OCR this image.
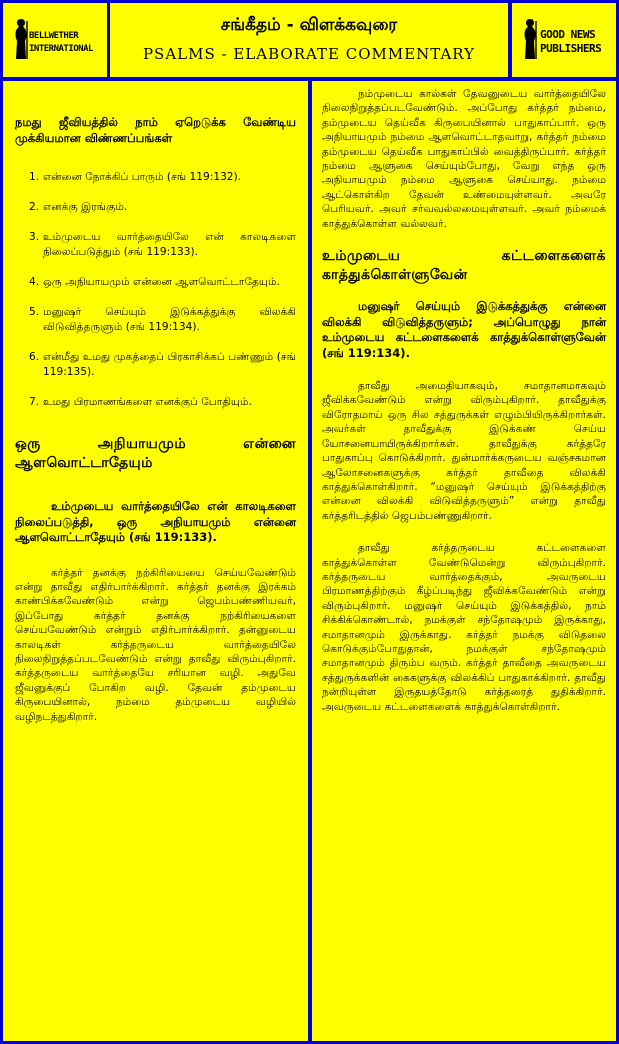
BELLWETHER
INTERNATIONAL
சங்கீதம் - விளக்கவுரை
PSALMS - ELABORATE COMMENTARY
GOOD NEWS
PUBLISHERS

நமது ஜீவியத்தில் நாம் ஏறெடுக்க வேண்டிய முக்கியமான விண்ணப்பங்கள்

1. என்னை நோக்கிப் பாரும் (சங் 119:132).
2. எனக்கு இரங்கும்.
3. உம்முடைய வார்த்தையிலே என் காலடிகளை நிலைப்படுத்தும் (சங் 119:133).
4. ஒரு அநியாயமும் என்னை ஆளவொட்டாதேயும்.
5. மனுஷர் செய்யும் இடுக்கத்துக்கு விலக்கி விடுவித்தருளும் (சங் 119:134).
6. என்மீது உமது முகத்தைப் பிரகாசிக்கப் பண்ணும் (சங் 119:135).
7. உமது பிரமாணங்களை எனக்குப் போதியும்.

ஒரு அநியாயமும் என்னை ஆளவொட்டாதேயும்

உம்முடைய வார்த்தையிலே என் காலடிகளை நிலைப்படுத்தி, ஒரு அநியாயமும் என்னை ஆளவொட்டாதேயும் (சங் 119:133).

கர்த்தர் தனக்கு நற்கிரியையை செய்யவேண்டும் என்று தாவீது எதிர்பார்க்கிறார். கர்த்தர் தனக்கு இரக்கம் காண்பிக்கவேண்டும் என்று ஜெபம்பண்ணியவர், இப்போது கர்த்தர் தனக்கு நற்கிரியைகளை செய்யவேண்டும் என்றும் எதிர்பார்க்கிறார். தன்னுடைய காலடிகள் கர்த்தருடைய வார்த்தையிலே நிலைநிறுத்தப்படவேண்டும் என்று தாவீது விரும்புகிறார். கர்த்தருடைய வார்த்தையே சரியான வழி. அதுவே ஜீவனுக்குப் போகிற வழி. தேவன் தம்முடைய கிருபையினால், நம்மை தம்முடைய வழியில் வழிநடத்துகிறார்.

நம்முடைய கால்கள் தேவனுடைய வார்த்தையிலே நிலைநிறுத்தப்படவேண்டும். அப்போது கர்த்தர் நம்மை, தம்முடைய தெய்வீக கிருபையினால் பாதுகாப்பார். ஒரு அநியாயமும் நம்மை ஆளவொட்டாதவாறு, கர்த்தர் நம்மை தம்முடைய தெய்வீக பாதுகாப்பில் வைத்திருப்பார். கர்த்தர் நம்மை ஆளுகை செய்யும்போது, வேறு எந்த ஒரு அநியாயமும் நம்மை ஆளுகை செய்யாது. நம்மை ஆட்கொள்கிற தேவன் உண்மையுள்ளவர். அவரே பெரியவர். அவர் சர்வவல்லமையுள்ளவர். அவர் நம்மைக் காத்துக்கொள்ள வல்லவர்.

உம்முடைய கட்டளைகளைக் காத்துக்கொள்ளுவேன்

மனுஷர் செய்யும் இடுக்கத்துக்கு என்னை விலக்கி விடுவித்தருளும்; அப்பொழுது நான் உம்முடைய கட்டளைகளைக் காத்துக்கொள்ளுவேன் (சங் 119:134).

தாவீது அமைதியாகவும், சமாதானமாகவும் ஜீவிக்கவேண்டும் என்று விரும்புகிறார். தாவீதுக்கு விரோதமாய் ஒரு சில சத்துருக்கள் எழும்பியிருக்கிறார்கள். அவர்கள் தாவீதுக்கு இடுக்கண் செய்ய யோசனையாயிருக்கிறார்கள். தாவீதுக்கு கர்த்தரே பாதுகாப்பு கொடுக்கிறார். துன்மார்க்கருடைய வஞ்சகமான ஆலோசனைகளுக்கு கர்த்தர் தாவீதை விலக்கி காத்துக்கொள்கிறார். “மனுஷர் செய்யும் இடுக்கத்திற்கு என்னை விலக்கி விடுவித்தருளும்” என்று தாவீது கர்த்தரிடத்தில் ஜெபம்பண்ணுகிறார்.

தாவீது கர்த்தருடைய கட்டளைகளை காத்துக்கொள்ள வேண்டுமென்று விரும்புகிறார். கர்த்தருடைய வார்த்தைக்கும், அவருடைய பிரமாணத்திற்கும் கீழ்ப்படிந்து ஜீவிக்கவேண்டும் என்று விரும்புகிறார். மனுஷர் செய்யும் இடுக்கத்தில், நாம் சிக்கிக்கொண்டால், நமக்குள் சந்தோஷமும் இருக்காது, சமாதானமும் இருக்காது. கர்த்தர் நமக்கு விடுதலை கொடுக்கும்போதுதான், நமக்குள் சந்தோஷமும் சமாதானமும் திரும்ப வரும். கர்த்தர் தாவீதை அவருடைய சத்துருக்களின் கைகளுக்கு விலக்கிப் பாதுகாக்கிறார். தாவீது நன்றியுள்ள இருதயத்தோடு கர்த்தரைத் துதிக்கிறார். அவருடைய கட்டளைகளைக் காத்துக்கொள்கிறார்.
